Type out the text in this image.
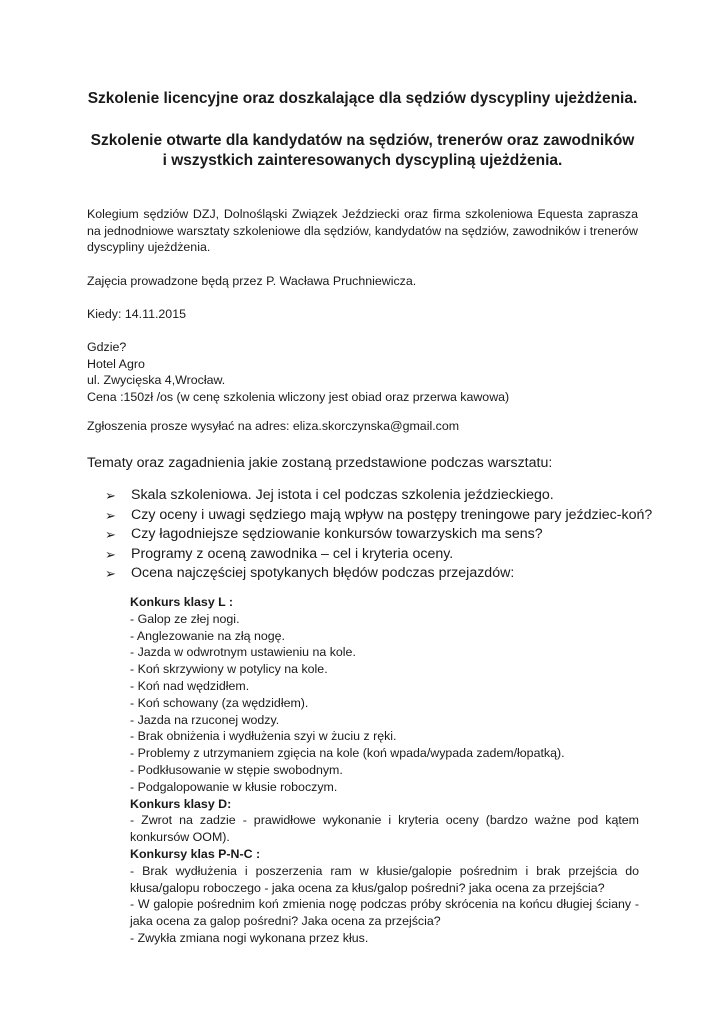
Szkolenie licencyjne oraz doszkalające dla sędziów dyscypliny ujeżdżenia.
Szkolenie otwarte dla kandydatów na sędziów, trenerów oraz zawodników
i wszystkich zainteresowanych dyscypliną ujeżdżenia.
Kolegium sędziów DZJ, Dolnośląski Związek Jeździecki oraz firma szkoleniowa Equesta zaprasza na jednodniowe warsztaty szkoleniowe dla sędziów, kandydatów na sędziów, zawodników i trenerów dyscypliny ujeżdżenia.
Zajęcia prowadzone będą przez P. Wacława Pruchniewicza.
Kiedy: 14.11.2015
Gdzie?
Hotel Agro
ul. Zwycięska 4,Wrocław.
Cena :150zł /os (w cenę szkolenia wliczony jest obiad oraz przerwa kawowa)
Zgłoszenia prosze wysyłać na adres: eliza.skorczynska@gmail.com
Tematy oraz zagadnienia jakie zostaną przedstawione podczas warsztatu:
➢ Skala szkoleniowa. Jej istota i cel podczas szkolenia jeździeckiego.
➢ Czy oceny i uwagi sędziego mają wpływ na postępy treningowe pary jeździec-koń?
➢ Czy łagodniejsze sędziowanie konkursów towarzyskich ma sens?
➢ Programy z oceną zawodnika – cel i kryteria oceny.
➢ Ocena najczęściej spotykanych błędów podczas przejazdów:
Konkurs klasy L :
- Galop ze złej nogi.
- Anglezowanie na złą nogę.
- Jazda w odwrotnym ustawieniu na kole.
- Koń skrzywiony w potylicy na kole.
- Koń nad wędzidłem.
- Koń schowany (za wędzidłem).
- Jazda na rzuconej wodzy.
- Brak obniżenia i wydłużenia szyi w żuciu z ręki.
- Problemy z utrzymaniem zgięcia na kole (koń wpada/wypada zadem/łopatką).
- Podkłusowanie w stępie swobodnym.
- Podgalopowanie w kłusie roboczym.
Konkurs klasy D:
- Zwrot na zadzie - prawidłowe wykonanie i kryteria oceny (bardzo ważne pod kątem konkursów OOM).
Konkursy klas P-N-C :
- Brak wydłużenia i poszerzenia ram w kłusie/galopie pośrednim i brak przejścia do kłusa/galopu roboczego - jaka ocena za kłus/galop pośredni? jaka ocena za przejścia?
- W galopie pośrednim koń zmienia nogę podczas próby skrócenia na końcu długiej ściany - jaka ocena za galop pośredni? Jaka ocena za przejścia?
- Zwykła zmiana nogi wykonana przez kłus.
